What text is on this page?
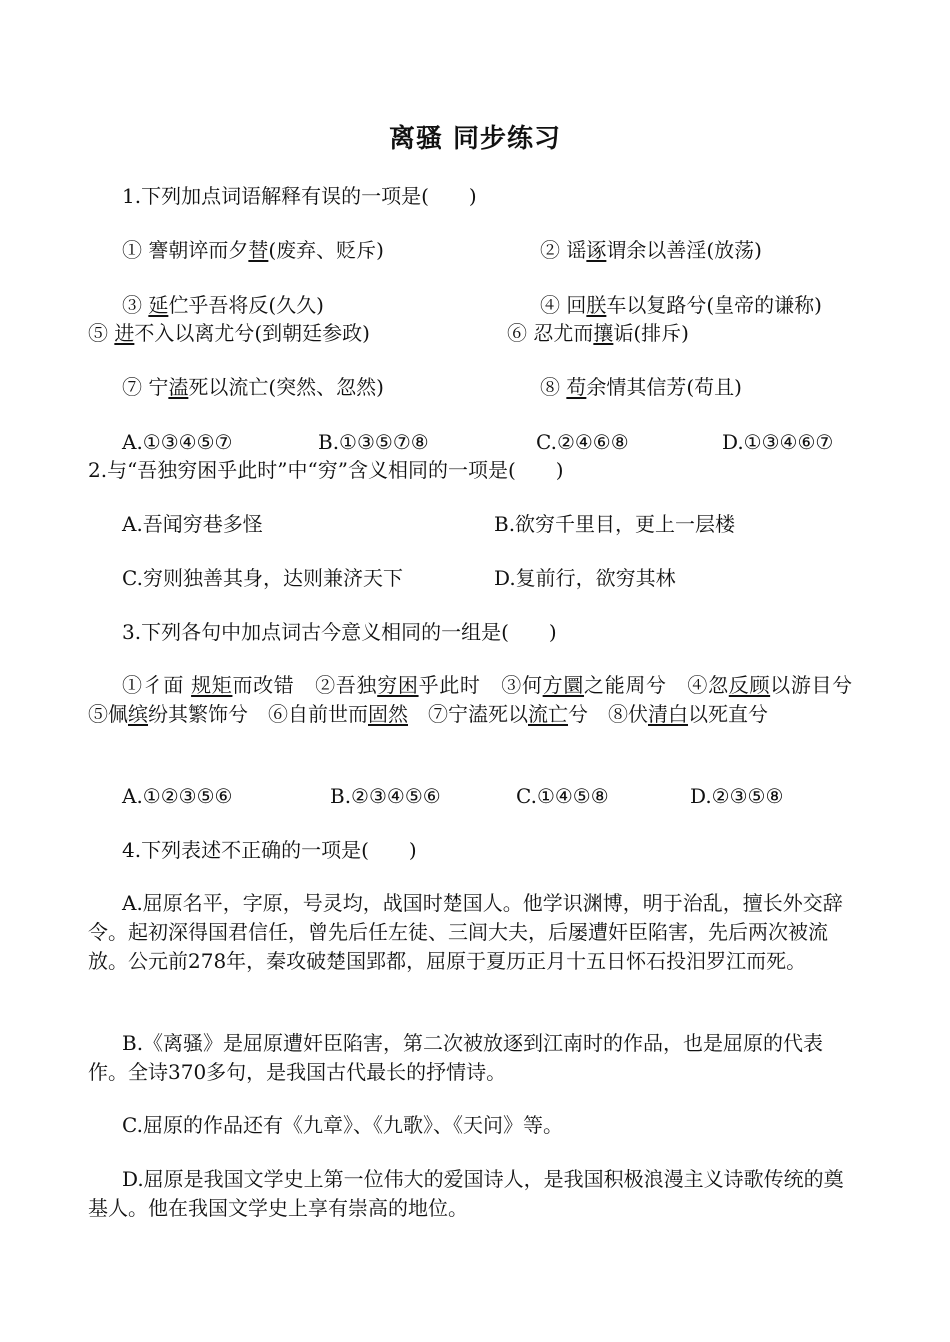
离骚 同步练习
1.下列加点词语解释有误的一项是(　　)
① 謇朝谇而夕替(废弃、贬斥)	② 谣诼谓余以善淫(放荡)
③ 延伫乎吾将反(久久)	④ 回朕车以复路兮(皇帝的谦称)
⑤ 进不入以离尤兮(到朝廷参政)	⑥ 忍尤而攘诟(排斥)
⑦ 宁溘死以流亡(突然、忽然)	⑧ 苟余情其信芳(苟且)
A.①③④⑤⑦	B.①③⑤⑦⑧	C.②④⑥⑧	D.①③④⑥⑦
2.与“吾独穷困乎此时”中“穷”含义相同的一项是(　　)
A.吾闻穷巷多怪	B.欲穷千里目，更上一层楼
C.穷则独善其身，达则兼济天下	D.复前行，欲穷其林
3.下列各句中加点词古今意义相同的一组是(　　)
①彳面 规矩而改错　 ②吾独穷困乎此时　 ③何方圜之能周兮　 ④忽反顾以游目兮　⑤佩缤纷其繁饰兮　 ⑥自前世而固然　 ⑦宁溘死以流亡兮　 ⑧伏清白以死直兮
A.①②③⑤⑥	B.②③④⑤⑥	C.①④⑤⑧	D.②③⑤⑧
4.下列表述不正确的一项是(　　)
A.屈原名平，字原，号灵均，战国时楚国人。他学识渊博，明于治乱，擅长外交辞令。起初深得国君信任，曾先后任左徒、三闾大夫，后屡遭奸臣陷害，先后两次被流放。公元前278年，秦攻破楚国郢都，屈原于夏历正月十五日怀石投汨罗江而死。
B.《离骚》是屈原遭奸臣陷害，第二次被放逐到江南时的作品，也是屈原的代表作。全诗370多句，是我国古代最长的抒情诗。
C.屈原的作品还有《九章》、《九歌》、《天问》等。
D.屈原是我国文学史上第一位伟大的爱国诗人，是我国积极浪漫主义诗歌传统的奠基人。他在我国文学史上享有崇高的地位。
